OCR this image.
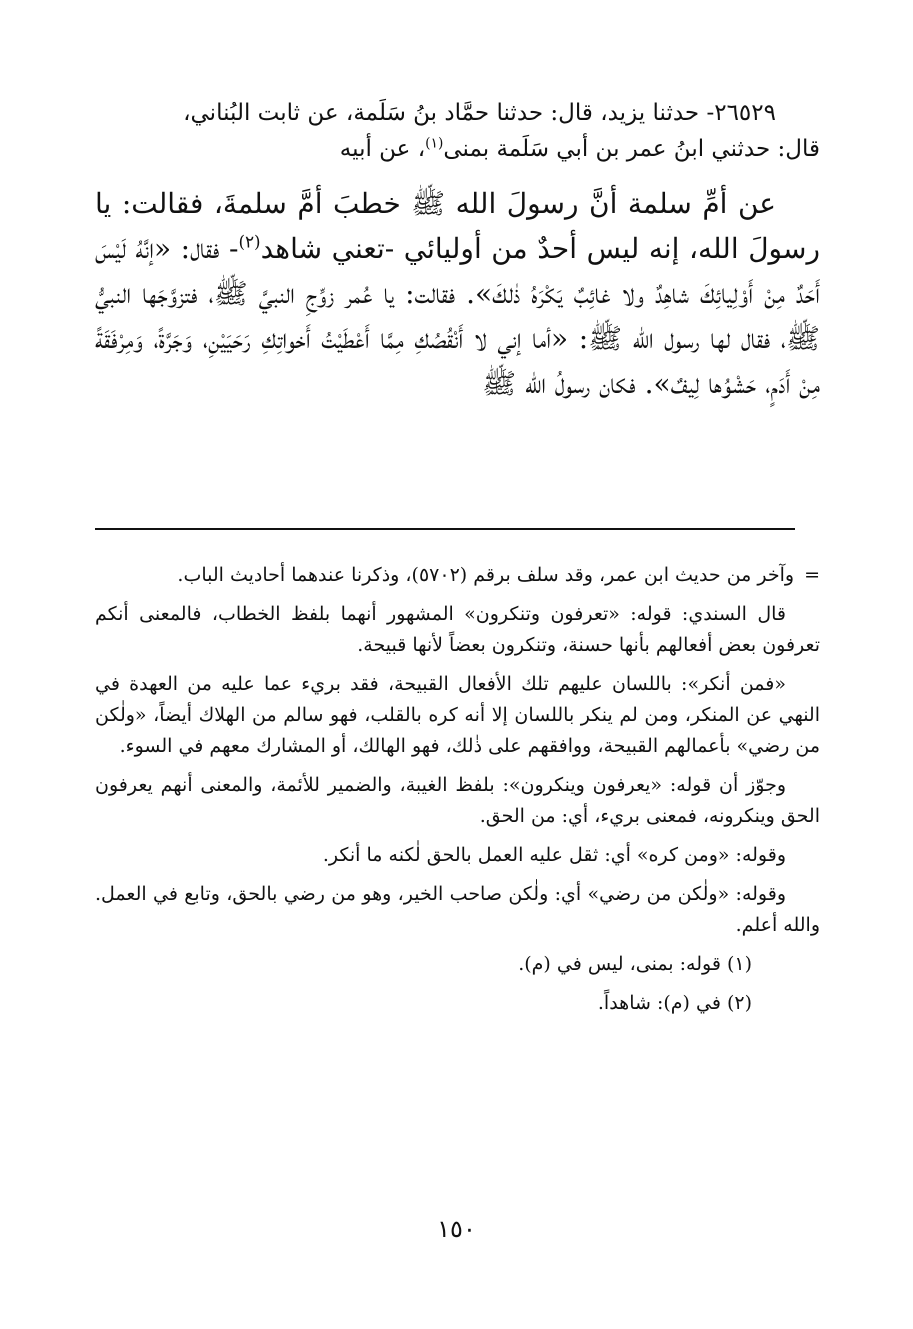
٢٦٥٢٩- حدثنا يزيد، قال: حدثنا حمَّاد بنُ سَلَمة، عن ثابت البُناني،
قال: حدثني ابنُ عمر بن أبي سَلَمة بمنى$^{(١)}$، عن أبيه

عن أمِّ سلمة أنَّ رسولَ الله ﷺ خطبَ أمَّ سلمةَ، فقالت: يا رسولَ الله، إنه ليس أحدٌ من أوليائي -تعني شاهد$^{(٢)}$- فقال: «إنَّهُ لَيْسَ أَحَدٌ مِنْ أَوْلِيائِكَ شاهِدٌ ولا غائِبٌ يَكْرَهُ ذٰلكَ». فقالت: يا عُمر زوِّجِ النبيَّ ﷺ، فتزوَّجَها النبيُّ ﷺ، فقال لها رسول الله ﷺ: «أما إني لا أَنْقُصُكِ مِمَّا أَعْطَيْتُ أَخواتِكِ رَحَيَيْنِ، وَجَرَّةً، وَمِرْفَقَةً مِنْ أَدَمٍ، حَشْوُها لِيفٌ». فكان رسولُ الله ﷺ

=وآخر من حديث ابن عمر، وقد سلف برقم (٥٧٠٢)، وذكرنا عندهما أحاديث الباب.

قال السندي: قوله: «تعرفون وتنكرون» المشهور أنهما بلفظ الخطاب، فالمعنى أنكم تعرفون بعض أفعالهم بأنها حسنة، وتنكرون بعضاً لأنها قبيحة.

«فمن أنكر»: باللسان عليهم تلك الأفعال القبيحة، فقد بريء عما عليه من العهدة في النهي عن المنكر، ومن لم ينكر باللسان إلا أنه كره بالقلب، فهو سالم من الهلاك أيضاً، «ولٰكن من رضي» بأعمالهم القبيحة، ووافقهم على ذٰلك، فهو الهالك، أو المشارك معهم في السوء.

وجوّز أن قوله: «يعرفون وينكرون»: بلفظ الغيبة، والضمير للأئمة، والمعنى أنهم يعرفون الحق وينكرونه، فمعنى بريء، أي: من الحق.

وقوله: «ومن كره» أي: ثقل عليه العمل بالحق لٰكنه ما أنكر.

وقوله: «ولٰكن من رضي» أي: ولٰكن صاحب الخير، وهو من رضي بالحق، وتابع في العمل. والله أعلم.

(١) قوله: بمنى، ليس في (م).

(٢) في (م): شاهداً.

١٥٠
